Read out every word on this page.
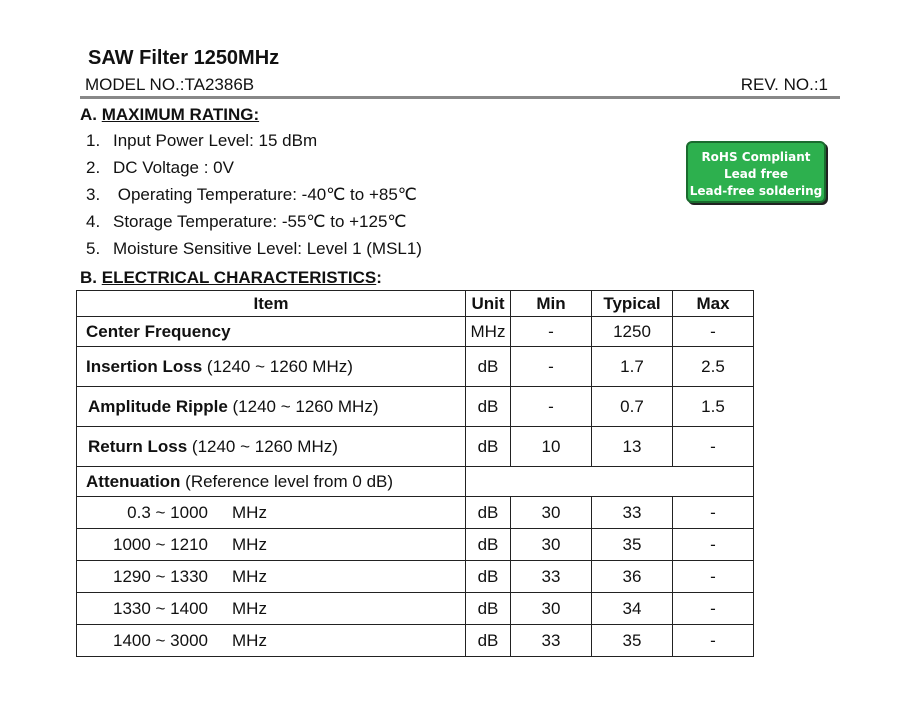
SAW Filter 1250MHz
MODEL NO.:TA2386B	REV. NO.:1
A. MAXIMUM RATING:
1. Input Power Level: 15 dBm
2. DC Voltage : 0V
3. Operating Temperature: -40℃ to +85℃
4. Storage Temperature: -55℃ to +125℃
5. Moisture Sensitive Level: Level 1 (MSL1)
RoHS Compliant
Lead free
Lead-free soldering
B. ELECTRICAL CHARACTERISTICS:
Item	Unit	Min	Typical	Max
Center Frequency	MHz	-	1250	-
Insertion Loss (1240 ~ 1260 MHz)	dB	-	1.7	2.5
Amplitude Ripple (1240 ~ 1260 MHz)	dB	-	0.7	1.5
Return Loss (1240 ~ 1260 MHz)	dB	10	13	-
Attenuation (Reference level from 0 dB)				
0.3 ~ 1000 MHz	dB	30	33	-
1000 ~ 1210 MHz	dB	30	35	-
1290 ~ 1330 MHz	dB	33	36	-
1330 ~ 1400 MHz	dB	30	34	-
1400 ~ 3000 MHz	dB	33	35	-
